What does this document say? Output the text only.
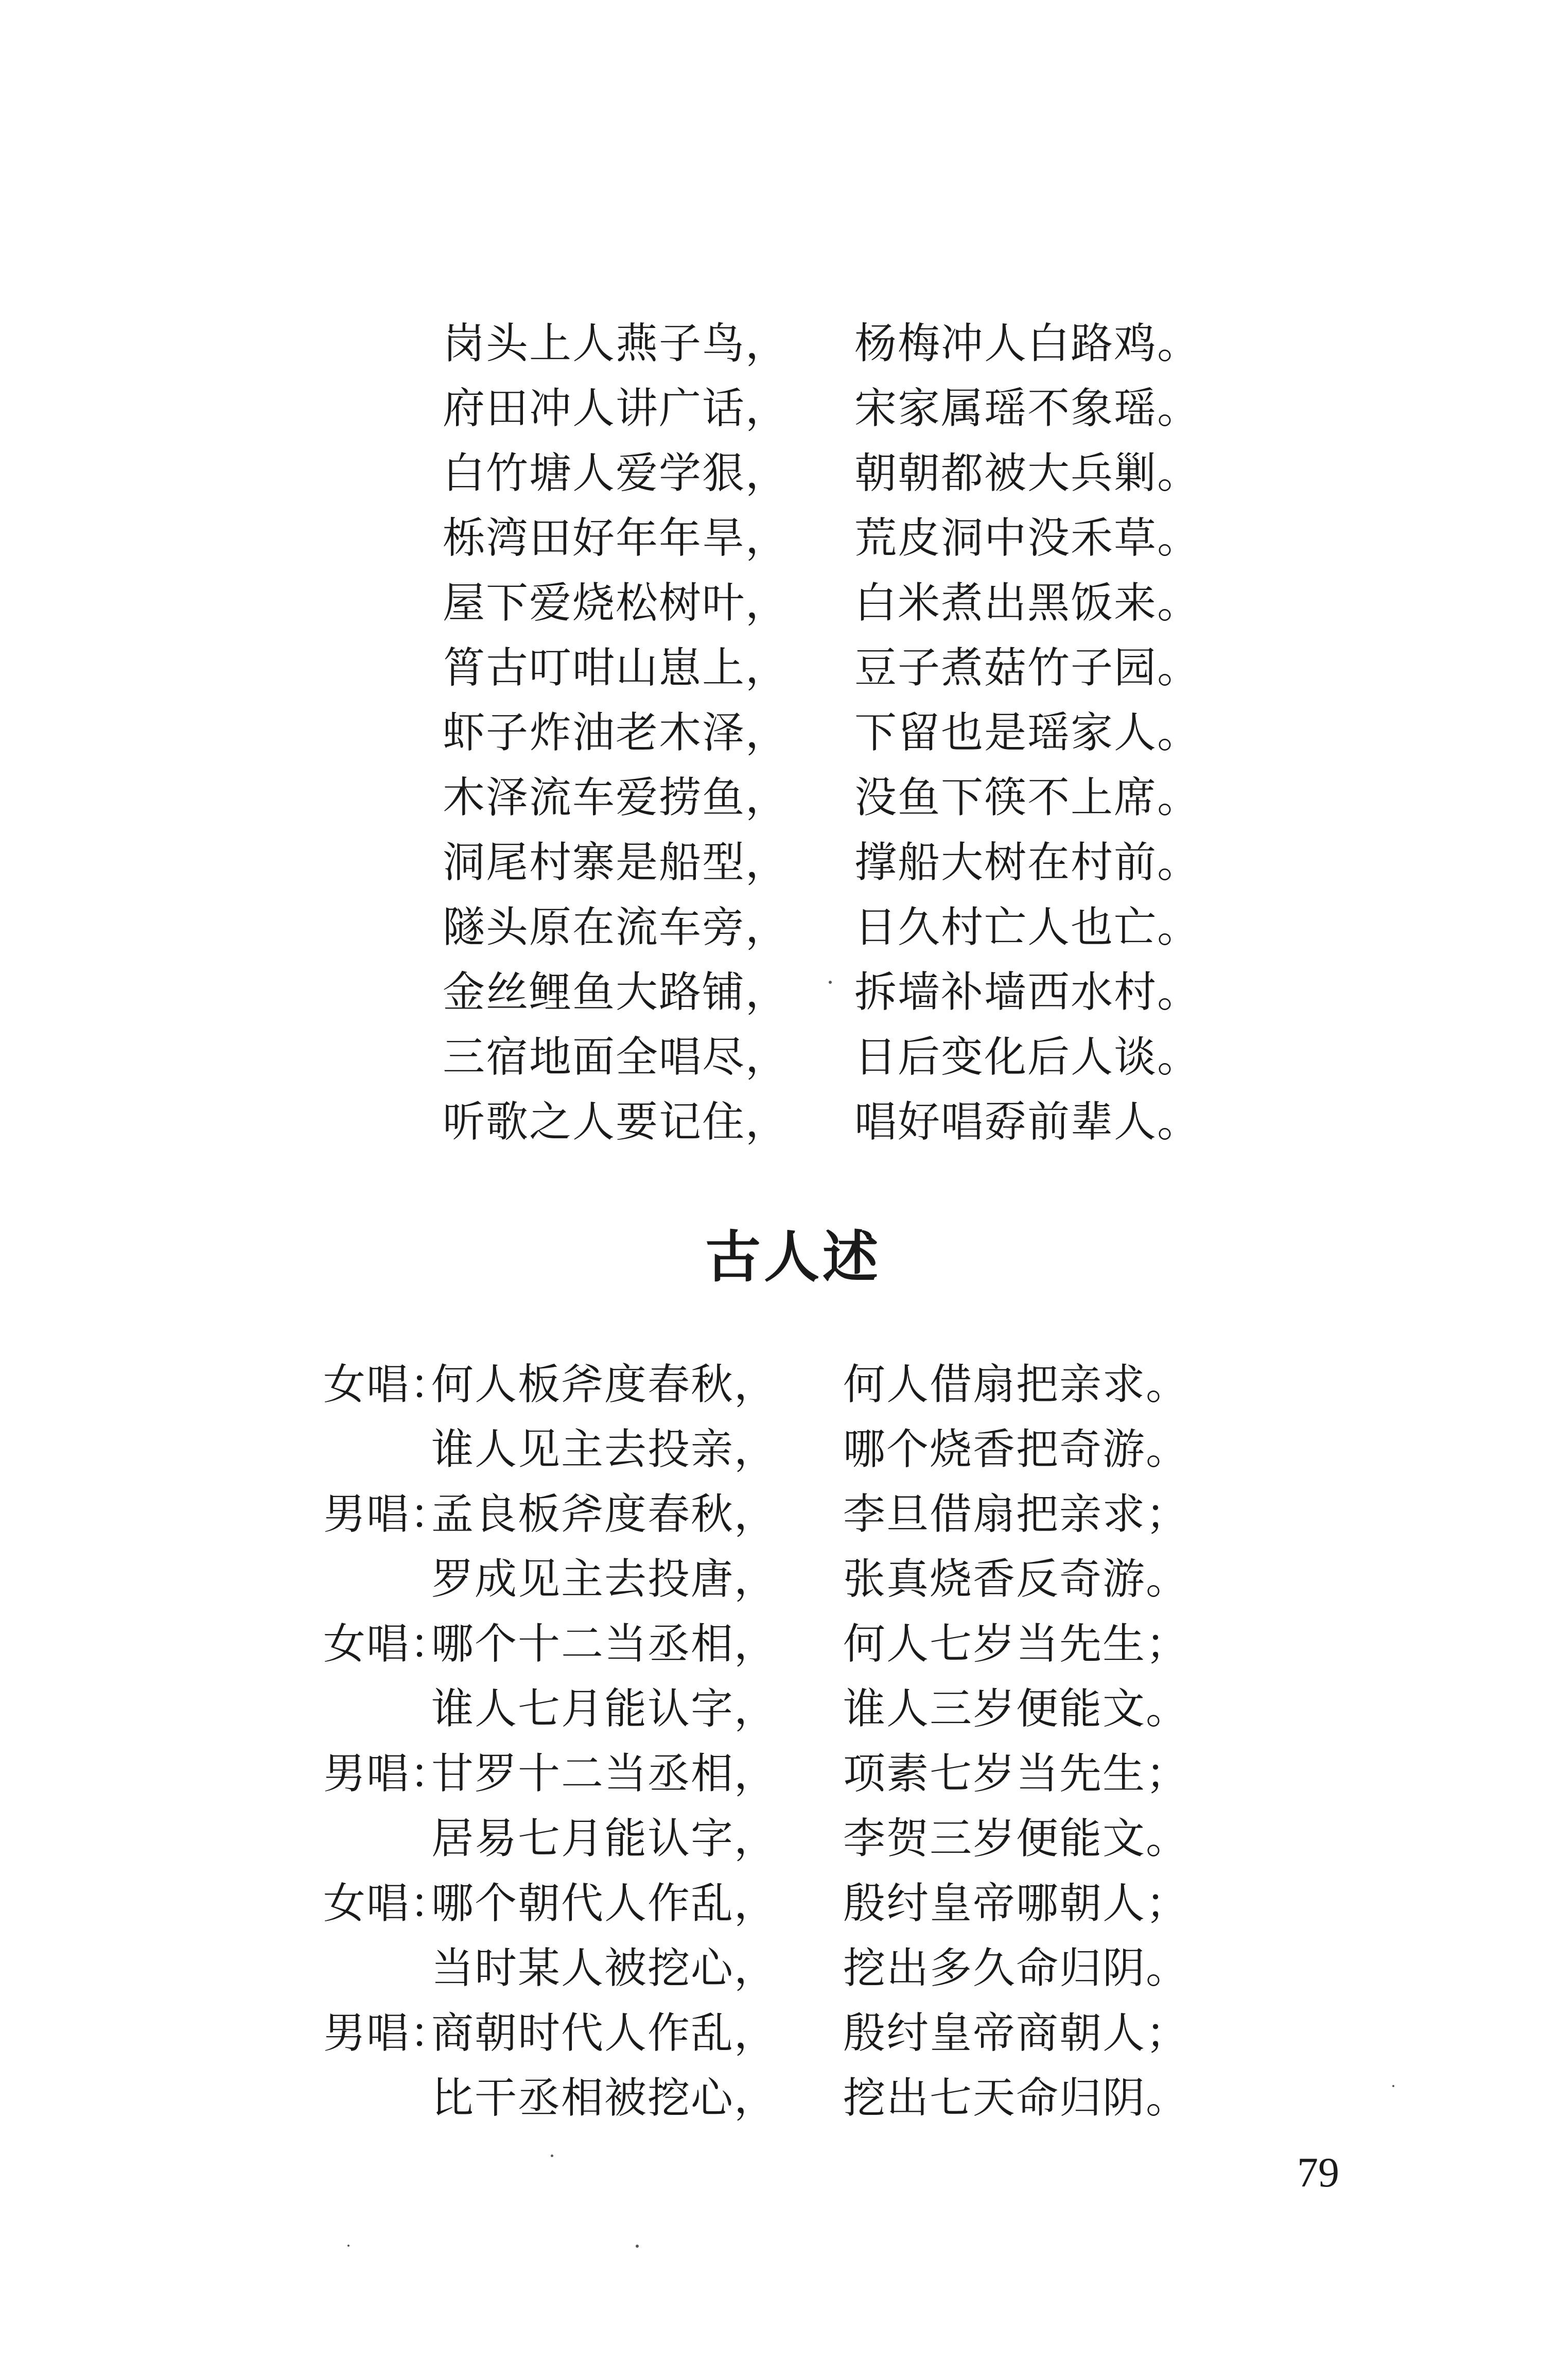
岗头上人燕子鸟， 杨梅冲人白路鸡。
府田冲人讲广话， 宋家属瑶不象瑶。
白竹塘人爱学狠， 朝朝都被大兵剿。
栎湾田好年年旱， 荒皮洞中没禾草。
屋下爱烧松树叶， 白米煮出黑饭来。
筲古叮咁山崽上， 豆子煮菇竹子园。
虾子炸油老木泽， 下留也是瑶家人。
木泽流车爱捞鱼， 没鱼下筷不上席。
洞尾村寨是船型， 撑船大树在村前。
隧头原在流车旁， 日久村亡人也亡。
金丝鲤鱼大路铺， 拆墙补墙西水村。
三宿地面全唱尽， 日后变化后人谈。
听歌之人要记住， 唱好唱孬前辈人。
古人述
女唱：
何人板斧度春秋， 何人借扇把亲求。
谁人见主去投亲， 哪个烧香把奇游。
男唱：
孟良板斧度春秋， 李旦借扇把亲求；
罗成见主去投唐， 张真烧香反奇游。
女唱：
哪个十二当丞相， 何人七岁当先生；
谁人七月能认字， 谁人三岁便能文。
男唱：
甘罗十二当丞相， 项素七岁当先生；
居易七月能认字， 李贺三岁便能文。
女唱：
哪个朝代人作乱， 殷纣皇帝哪朝人；
当时某人被挖心， 挖出多久命归阴。
男唱：
商朝时代人作乱， 殷纣皇帝商朝人；
比干丞相被挖心， 挖出七天命归阴。
79
